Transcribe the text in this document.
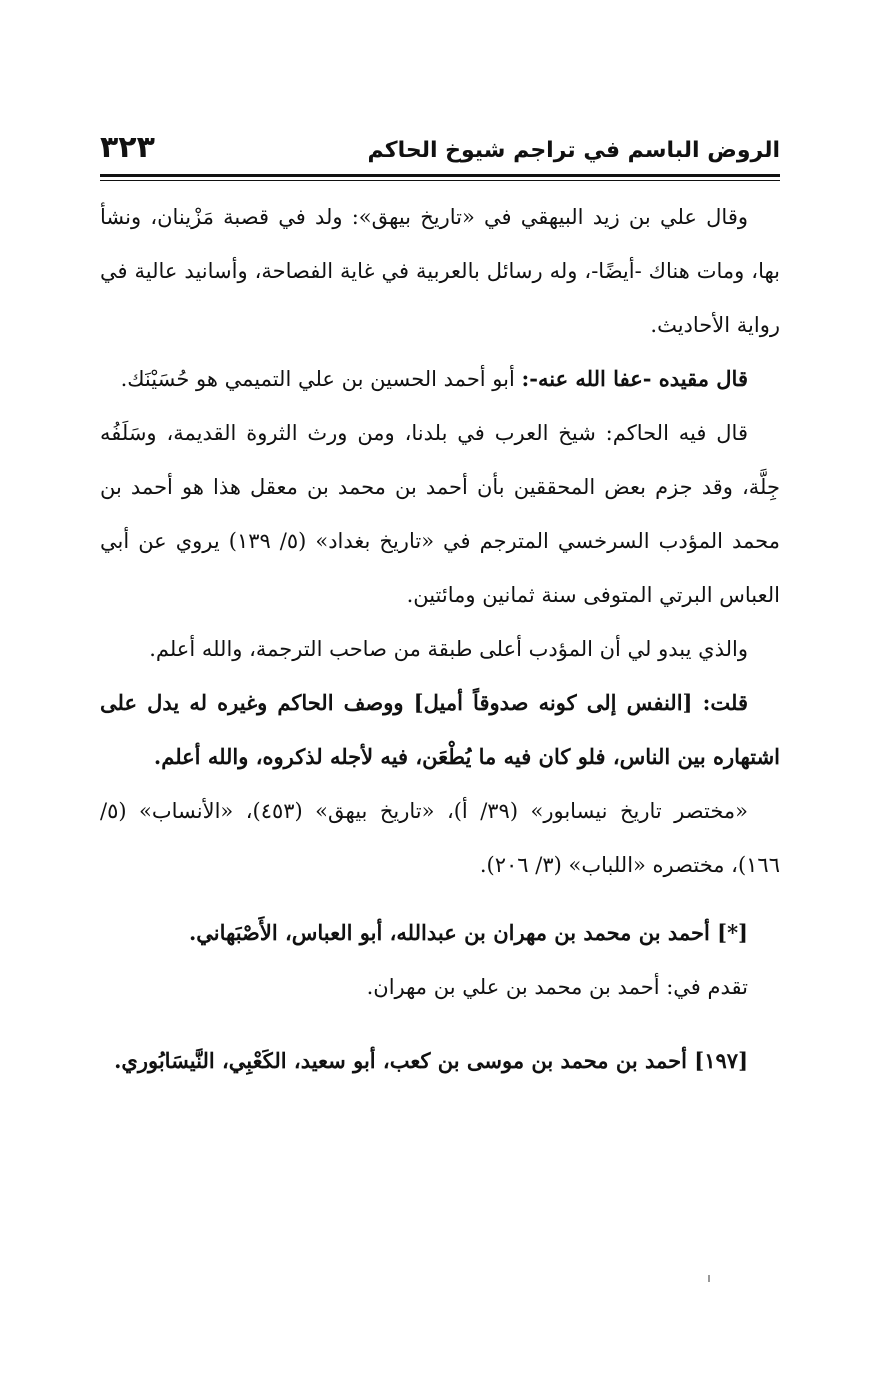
الروض الباسم في تراجم شيوخ الحاكم
٣٢٣

وقال علي بن زيد البيهقي في «تاريخ بيهق»: ولد في قصبة مَزْينان، ونشأ بها، ومات هناك -أيضًا-، وله رسائل بالعربية في غاية الفصاحة، وأسانيد عالية في رواية الأحاديث.

قال مقيده -عفا الله عنه-: أبو أحمد الحسين بن علي التميمي هو حُسَيْنَك.

قال فيه الحاكم: شيخ العرب في بلدنا، ومن ورث الثروة القديمة، وسَلَفُه جِلَّة، وقد جزم بعض المحققين بأن أحمد بن محمد بن معقل هذا هو أحمد بن محمد المؤدب السرخسي المترجم في «تاريخ بغداد» (٥/ ١٣٩) يروي عن أبي العباس البرتي المتوفى سنة ثمانين ومائتين.

والذي يبدو لي أن المؤدب أعلى طبقة من صاحب الترجمة، والله أعلم.

قلت: [النفس إلى كونه صدوقاً أميل] ووصف الحاكم وغيره له يدل على اشتهاره بين الناس، فلو كان فيه ما يُطْعَن، فيه لأجله لذكروه، والله أعلم.

«مختصر تاريخ نيسابور» (٣٩/ أ)، «تاريخ بيهق» (٤٥٣)، «الأنساب» (٥/ ١٦٦)، مختصره «اللباب» (٣/ ٢٠٦).

[*] أحمد بن محمد بن مهران بن عبدالله، أبو العباس، الأَصْبَهاني.

تقدم في: أحمد بن محمد بن علي بن مهران.

[١٩٧] أحمد بن محمد بن موسى بن كعب، أبو سعيد، الكَعْبِي، النَّيسَابُوري.
